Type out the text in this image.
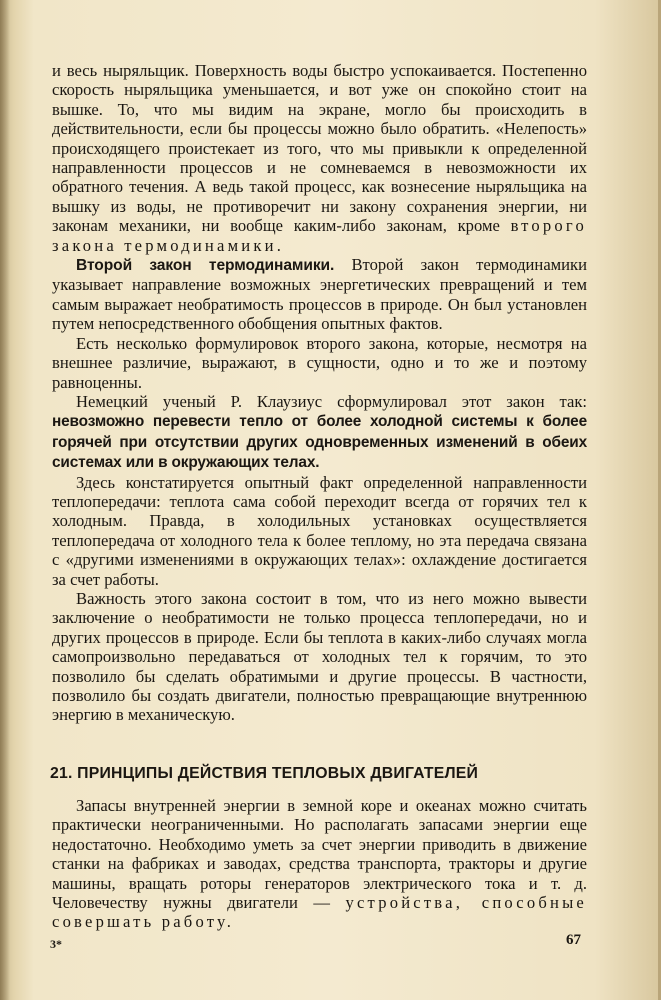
и весь ныряльщик. Поверхность воды быстро успокаивается. Постепенно скорость ныряльщика уменьшается, и вот уже он спокойно стоит на вышке. То, что мы видим на экране, могло бы происходить в действительности, если бы процессы можно было обратить. «Нелепость» происходящего проистекает из того, что мы привыкли к определенной направленности процессов и не сомневаемся в невозможности их обратного течения. А ведь такой процесс, как вознесение ныряльщика на вышку из воды, не противоречит ни закону сохранения энергии, ни законам механики, ни вообще каким-либо законам, кроме второго закона термодинамики.

Второй закон термодинамики. Второй закон термодинамики указывает направление возможных энергетических превращений и тем самым выражает необратимость процессов в природе. Он был установлен путем непосредственного обобщения опытных фактов.

Есть несколько формулировок второго закона, которые, несмотря на внешнее различие, выражают, в сущности, одно и то же и поэтому равноценны.

Немецкий ученый Р. Клаузиус сформулировал этот закон так: невозможно перевести тепло от более холодной системы к более горячей при отсутствии других одновременных изменений в обеих системах или в окружающих телах.

Здесь констатируется опытный факт определенной направленности теплопередачи: теплота сама собой переходит всегда от горячих тел к холодным. Правда, в холодильных установках осуществляется теплопередача от холодного тела к более теплому, но эта передача связана с «другими изменениями в окружающих телах»: охлаждение достигается за счет работы.

Важность этого закона состоит в том, что из него можно вывести заключение о необратимости не только процесса теплопередачи, но и других процессов в природе. Если бы теплота в каких-либо случаях могла самопроизвольно передаваться от холодных тел к горячим, то это позволило бы сделать обратимыми и другие процессы. В частности, позволило бы создать двигатели, полностью превращающие внутреннюю энергию в механическую.

21. ПРИНЦИПЫ ДЕЙСТВИЯ ТЕПЛОВЫХ ДВИГАТЕЛЕЙ

Запасы внутренней энергии в земной коре и океанах можно считать практически неограниченными. Но располагать запасами энергии еще недостаточно. Необходимо уметь за счет энергии приводить в движение станки на фабриках и заводах, средства транспорта, тракторы и другие машины, вращать роторы генераторов электрического тока и т. д. Человечеству нужны двигатели — устройства, способные совершать работу.

3*	67
